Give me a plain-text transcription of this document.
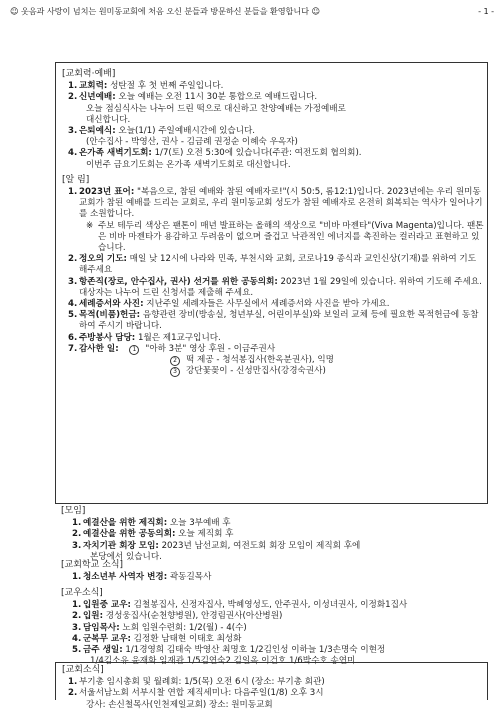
☺ 웃음과 사랑이 넘치는 원미동교회에 처음 오신 분들과 방문하신 분들을 환영합니다 ☺	- 1 -
[교회력·예배]
1. 교회력: 성탄절 후 첫 번째 주일입니다.
2. 신년예배: 오늘 예배는 오전 11시 30분 통합으로 예배드립니다.
오늘 점심식사는 나누어 드린 떡으로 대신하고 찬양예배는 가정예배로
대신합니다.
3. 은퇴예식: 오늘(1/1) 주일예배시간에 있습니다.
(안수집사 - 박영산, 권사 - 김금례 권정순 이혜숙 우옥자)
4. 온가족 새벽기도회: 1/7(토) 오전 5:30에 있습니다(주관: 여전도회 협의회).
이번주 금요기도회는 온가족 새벽기도회로 대신합니다.
[알 림]
1. 2023년 표어: "복음으로, 참된 예배와 참된 예배자로!"(시 50:5, 롬12:1)입니다. 2023년에는 우리 원미동 교회가 참된 예배를 드리는 교회로, 우리 원미동교회 성도가 참된 예배자로 온전히 회복되는 역사가 일어나기를 소원합니다.
※ 주보 테두리 색상은 팬톤이 매년 발표하는 올해의 색상으로 "비바 마젠타"(Viva Magenta)입니다. 팬톤은 비바 마젠타가 용감하고 두려움이 없으며 즐겁고 낙관적인 에너지를 촉진하는 컬러라고 표현하고 있습니다.
2. 정오의 기도: 매일 낮 12시에 나라와 민족, 부천시와 교회, 코로나19 종식과 교인신상(기재)를 위하여 기도 해주세요
3. 항존직(장로, 안수집사, 권사) 선거를 위한 공동의회: 2023년 1월 29일에 있습니다. 위하여 기도해 주세요. 대상자는 나누어 드린 신청서를 제출해 주세요.
4. 세례증서와 사진: 지난주일 세례자들은 사무실에서 세례증서와 사진을 받아 가세요.
5. 목적(비품)헌금: 음향관련 장비(방송실, 청년부실, 어린이부실)와 보일러 교체 등에 필요한 목적헌금에 동참하여 주시기 바랍니다.
6. 주방봉사 담당: 1월은 제1교구입니다.
7. 감사한 일: 1 "아하 3분" 영상 후원 - 이금주권사
2	떡 제공 - 청석봉집사(한옥분권사), 익명
3	강단꽃꽂이 - 신성만집사(강경숙권사)
[모임]
1. 예결산을 위한 제직회: 오늘 3부예배 후
2. 예결산을 위한 공동의회: 오늘 제직회 후
3. 자치기관 회장 모임: 2023년 남선교회, 여전도회 회장 모임이 제직회 후에
본당에서 있습니다.
[교회학교 소식]
1. 청소년부 사역자 변경: 곽동길목사
[교우소식]
1. 입원중 교우: 김철봉집사, 신정자집사, 박혜영성도, 안주권사, 이성녀권사, 이정화1집사
2. 입원: 경성웅집사(순천향병원), 안경림권사(아산병원)
3. 담임목사: 노회 임원수련회: 1/2(월) - 4(수)
4. 군복무 교우: 김정환 남태현 이태호 최성화
5. 금주 생일: 1/1경영희 김태숙 박영산 최명호 1/2김인성 이하늘 1/3손명숙 이현정
1/4김소유 윤재화 임재관 1/5김연숙2 김일옥 이건호 1/6박수호 송연미
[교회소식]
1. 부기총 임시총회 및 월례회: 1/5(목) 오전 6시 (장소: 부기총 회관)
2. 서울서남노회 서부시찰 연합 제직세미나: 다음주일(1/8) 오후 3시
강사: 손신철목사(인천제일교회) 장소: 원미동교회
